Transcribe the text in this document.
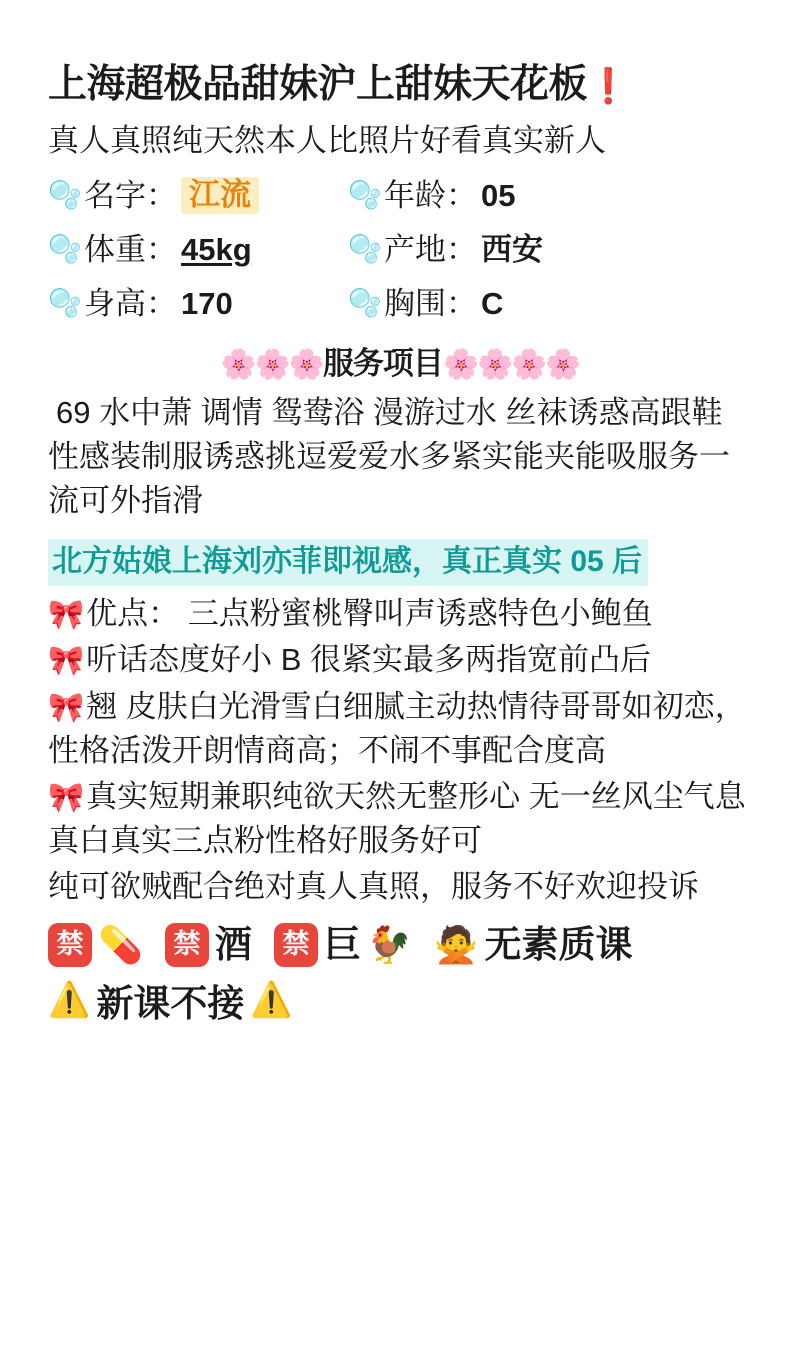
上海超极品甜妹沪上甜妹天花板❗
真人真照纯天然本人比照片好看真实新人
🫧 名字： 江流	🫧 年龄： 05
🫧 体重： 45kg	🫧 产地： 西安
🫧 身高： 170	🫧 胸围： C
🌸🌸🌸服务项目🌸🌸🌸🌸
69 水中萧 调情 鸳鸯浴 漫游过水 丝袜诱惑高跟鞋 性感装制服诱惑挑逗爱爱水多紧实能夹能吸服务一流可外指滑
北方姑娘上海刘亦菲即视感，真正真实 05 后
🎀优点： 三点粉蜜桃臀叫声诱惑特色小鲍鱼
🎀听话态度好小 B 很紧实最多两指宽前凸后
🎀翘 皮肤白光滑雪白细腻主动热情待哥哥如初恋，性格活泼开朗情商高；不闹不事配合度高
🎀真实短期兼职纯欲天然无整形心 无一丝风尘气息真白真实三点粉性格好服务好可
纯可欲贼配合绝对真人真照，服务不好欢迎投诉
禁 💊	禁 酒	禁 巨 🐓 🙅 无素质课
⚠️ 新课不接 ⚠️
